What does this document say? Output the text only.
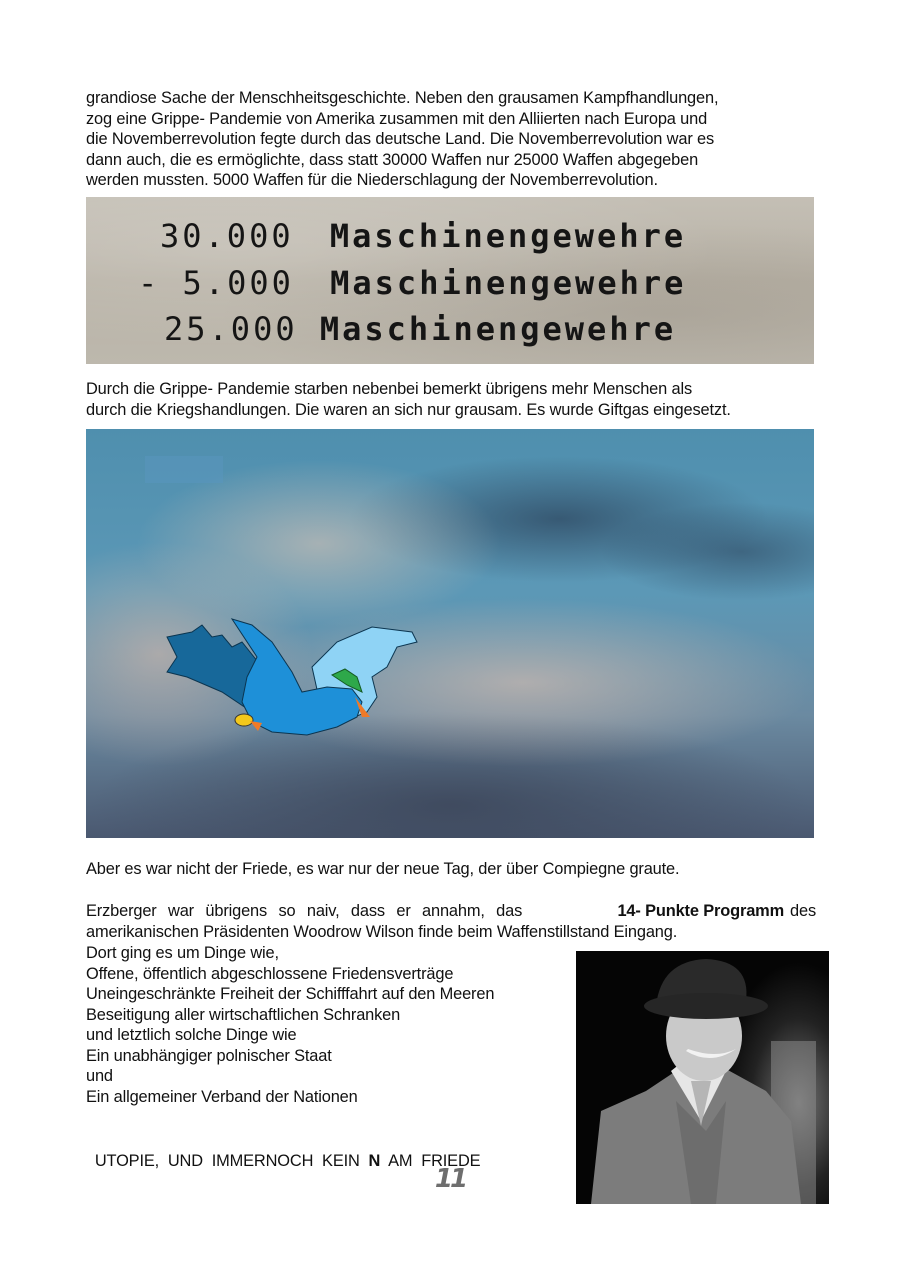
grandiose Sache der Menschheitsgeschichte. Neben den grausamen Kampfhandlungen,
zog eine Grippe- Pandemie von Amerika zusammen mit den Alliierten nach Europa und
die Novemberrevolution fegte durch das deutsche Land. Die Novemberrevolution war es
dann auch, die es ermöglichte, dass statt 30000 Waffen nur 25000 Waffen abgegeben
werden mussten. 5000 Waffen für die Niederschlagung der Novemberrevolution.
30.000 Maschinengewehre
- 5.000 Maschinengewehre
25.000 Maschinengewehre
Durch die Grippe- Pandemie starben nebenbei bemerkt übrigens mehr Menschen als
durch die Kriegshandlungen. Die waren an sich nur grausam. Es wurde Giftgas eingesetzt.
Aber es war nicht der Friede, es war nur der neue Tag, der über Compiegne graute.
Erzberger war übrigens so naiv, dass er annahm, das	14- Punkte Programm des
amerikanischen Präsidenten Woodrow Wilson finde beim Waffenstillstand Eingang.
Dort ging es um Dinge wie,
Offene, öffentlich abgeschlossene Friedensverträge
Uneingeschränkte Freiheit der Schifffahrt auf den Meeren
Beseitigung aller wirtschaftlichen Schranken
und letztlich solche Dinge wie
Ein unabhängiger polnischer Staat
und
Ein allgemeiner Verband der Nationen

UTOPIE,  UND  IMMERNOCH  KEIN  N  AM  FRIEDE

11
